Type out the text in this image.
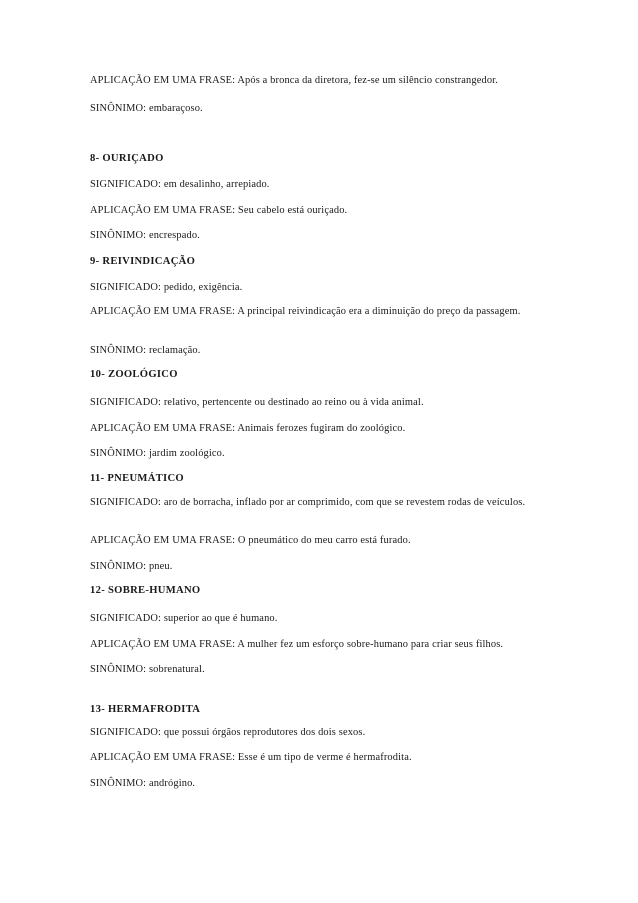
APLICAÇÃO EM UMA FRASE: Após a bronca da diretora, fez-se um silêncio constrangedor.
SINÔNIMO: embaraçoso.
8- OURIÇADO
SIGNIFICADO: em desalinho, arrepiado.
APLICAÇÃO EM UMA FRASE: Seu cabelo está ouriçado.
SINÔNIMO: encrespado.
9- REIVINDICAÇÃO
SIGNIFICADO: pedido, exigência.
APLICAÇÃO EM UMA FRASE: A principal reivindicação era a diminuição do preço da passagem.
SINÔNIMO: reclamação.
10- ZOOLÓGICO
SIGNIFICADO: relativo, pertencente ou destinado ao reino ou à vida animal.
APLICAÇÃO EM UMA FRASE: Animais ferozes fugiram do zoológico.
SINÔNIMO: jardim zoológico.
11- PNEUMÁTICO
SIGNIFICADO: aro de borracha, inflado por ar comprimido, com que se revestem rodas de veículos.
APLICAÇÃO EM UMA FRASE: O pneumático do meu carro está furado.
SINÔNIMO: pneu.
12- SOBRE-HUMANO
SIGNIFICADO: superior ao que é humano.
APLICAÇÃO EM UMA FRASE: A mulher fez um esforço sobre-humano para criar seus filhos.
SINÔNIMO: sobrenatural.
13- HERMAFRODITA
SIGNIFICADO: que possui órgãos reprodutores dos dois sexos.
APLICAÇÃO EM UMA FRASE: Esse é um tipo de verme é hermafrodita.
SINÔNIMO: andrógino.
